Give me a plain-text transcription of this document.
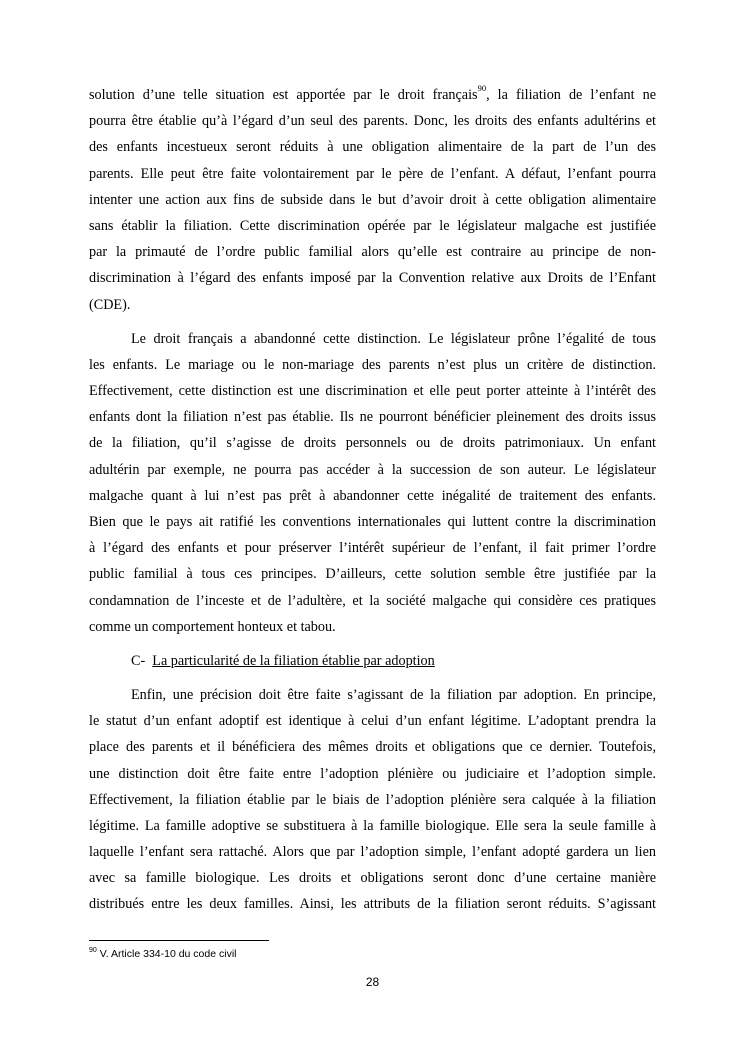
solution d’une telle situation est apportée par le droit français$^{90}$, la filiation de l’enfant ne
pourra être établie qu’à l’égard d’un seul des parents. Donc, les droits des enfants adultérins et
des enfants incestueux seront réduits à une obligation alimentaire de la part de l’un des
parents. Elle peut être faite volontairement par le père de l’enfant. A défaut, l’enfant pourra
intenter une action aux fins de subside dans le but d’avoir droit à cette obligation alimentaire
sans établir la filiation. Cette discrimination opérée par le législateur malgache est justifiée
par la primauté de l’ordre public familial alors qu’elle est contraire au principe de non-
discrimination à l’égard des enfants imposé par la Convention relative aux Droits de l’Enfant
(CDE).
Le droit français a abandonné cette distinction. Le législateur prône l’égalité de tous
les enfants. Le mariage ou le non-mariage des parents n’est plus un critère de distinction.
Effectivement, cette distinction est une discrimination et elle peut porter atteinte à l’intérêt des
enfants dont la filiation n’est pas établie. Ils ne pourront bénéficier pleinement des droits issus
de la filiation, qu’il s’agisse de droits personnels ou de droits patrimoniaux. Un enfant
adultérin par exemple, ne pourra pas accéder à la succession de son auteur. Le législateur
malgache quant à lui n’est pas prêt à abandonner cette inégalité de traitement des enfants.
Bien que le pays ait ratifié les conventions internationales qui luttent contre la discrimination
à l’égard des enfants et pour préserver l’intérêt supérieur de l’enfant, il fait primer l’ordre
public familial à tous ces principes. D’ailleurs, cette solution semble être justifiée par la
condamnation de l’inceste et de l’adultère, et la société malgache qui considère ces pratiques
comme un comportement honteux et tabou.
C- La particularité de la filiation établie par adoption
Enfin, une précision doit être faite s’agissant de la filiation par adoption. En principe,
le statut d’un enfant adoptif est identique à celui d’un enfant légitime. L’adoptant prendra la
place des parents et il bénéficiera des mêmes droits et obligations que ce dernier. Toutefois,
une distinction doit être faite entre l’adoption plénière ou judiciaire et l’adoption simple.
Effectivement, la filiation établie par le biais de l’adoption plénière sera calquée à la filiation
légitime. La famille adoptive se substituera à la famille biologique. Elle sera la seule famille à
laquelle l’enfant sera rattaché. Alors que par l’adoption simple, l’enfant adopté gardera un lien
avec sa famille biologique. Les droits et obligations seront donc d’une certaine manière
distribués entre les deux familles. Ainsi, les attributs de la filiation seront réduits. S’agissant
$^{90}$ V. Article 334-10 du code civil
28
